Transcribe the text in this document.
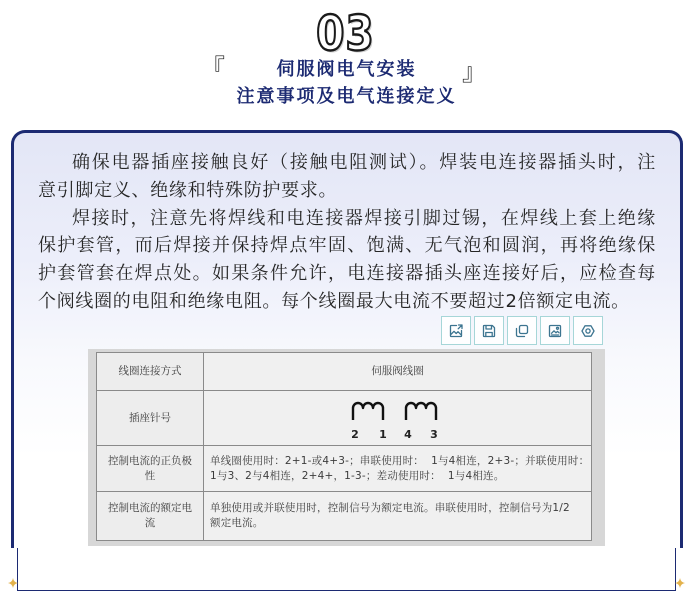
03
『	』
伺服阀电气安装
注意事项及电气连接定义
确保电器插座接触良好（接触电阻测试）。焊装电连接器插头时，注
意引脚定义、绝缘和特殊防护要求。
焊接时，注意先将焊线和电连接器焊接引脚过锡，在焊线上套上绝缘
保护套管，而后焊接并保持焊点牢固、饱满、无气泡和圆润，再将绝缘保
护套管套在焊点处。如果条件允许，电连接器插头座连接好后，应检查每
个阀线圈的电阻和绝缘电阻。每个线圈最大电流不要超过2倍额定电流。
线圈连接方式	伺服阀线圈
插座针号
2 1 4 3
控制电流的正负极性
单线圈使用时：2+1-或4+3-；串联使用时：  1与4相连，2+3-；并联使用时：
1与3、2与4相连，2+4+，1-3-；差动使用时：  1与4相连。
控制电流的额定电流
单独使用或并联使用时，控制信号为额定电流。串联使用时，控制信号为1/2
额定电流。
